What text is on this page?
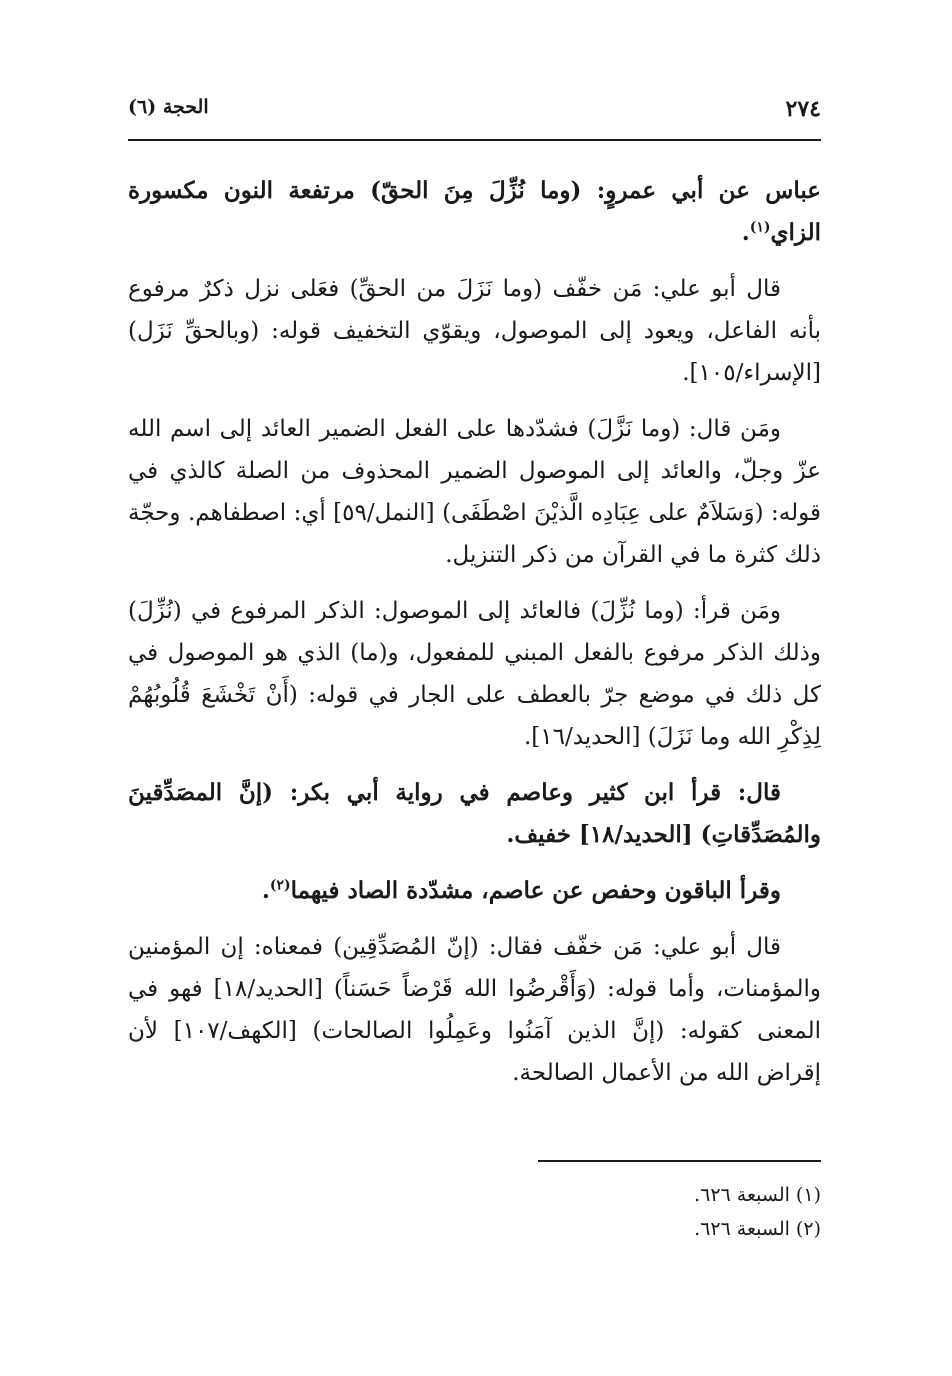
٢٧٤
الحجة (٦)

عباس عن أبي عمروٍ: (وما نُزِّلَ مِنَ الحقّ) مرتفعة النون مكسورة الزاي$^{(١)}$.

قال أبو علي: مَن خفّف (وما نَزَلَ من الحقِّ) فعَلى نزل ذكرٌ مرفوع بأنه الفاعل، ويعود إلى الموصول، ويقوّي التخفيف قوله: (وبالحقِّ نَزَل) [الإسراء/١٠٥].

ومَن قال: (وما نَزَّلَ) فشدّدها على الفعل الضمير العائد إلى اسم الله عزّ وجلّ، والعائد إلى الموصول الضمير المحذوف من الصلة كالذي في قوله: (وَسَلاَمٌ على عِبَادِه الَّذيْنَ اصْطَفَى) [النمل/٥٩] أي: اصطفاهم. وحجّة ذلك كثرة ما في القرآن من ذكر التنزيل.

ومَن قرأ: (وما نُزِّلَ) فالعائد إلى الموصول: الذكر المرفوع في (نُزِّلَ) وذلك الذكر مرفوع بالفعل المبني للمفعول، و(ما) الذي هو الموصول في كل ذلك في موضع جرّ بالعطف على الجار في قوله: (أَنْ تَخْشَعَ قُلُوبُهُمْ لِذِكْرِ الله وما نَزَلَ) [الحديد/١٦].

قال: قرأ ابن كثير وعاصم في رواية أبي بكر: (إنَّ المصَدِّقينَ والمُصَدِّقاتِ) [الحديد/١٨] خفيف.

وقرأ الباقون وحفص عن عاصم، مشدّدة الصاد فيهما$^{(٢)}$.

قال أبو علي: مَن خفّف فقال: (إنّ المُصَدِّقِين) فمعناه: إن المؤمنين والمؤمنات، وأما قوله: (وَأَقْرضُوا الله قَرْضاً حَسَناً) [الحديد/١٨] فهو في المعنى كقوله: (إنَّ الذين آمَنُوا وعَمِلُوا الصالحات) [الكهف/١٠٧] لأن إقراض الله من الأعمال الصالحة.

(١) السبعة ٦٢٦.

(٢) السبعة ٦٢٦.
